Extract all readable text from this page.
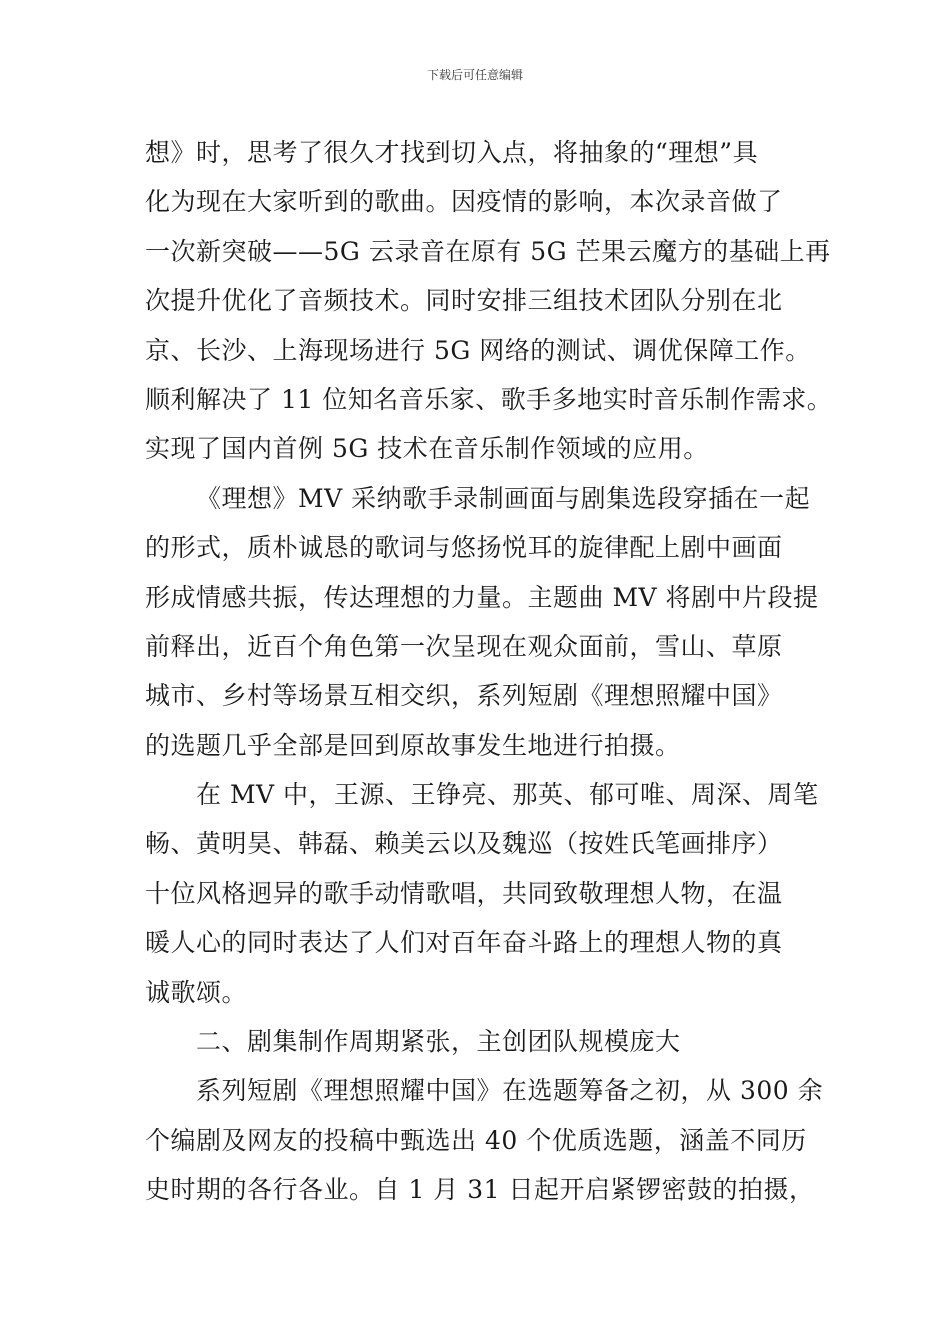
下载后可任意编辑
想》时，思考了很久才找到切入点，将抽象的“理想”具
化为现在大家听到的歌曲。因疫情的影响，本次录音做了
一次新突破——5G 云录音在原有 5G 芒果云魔方的基础上再
次提升优化了音频技术。同时安排三组技术团队分别在北
京、长沙、上海现场进行 5G 网络的测试、调优保障工作。
顺利解决了 11 位知名音乐家、歌手多地实时音乐制作需求。
实现了国内首例 5G 技术在音乐制作领域的应用。
《理想》MV 采纳歌手录制画面与剧集选段穿插在一起
的形式，质朴诚恳的歌词与悠扬悦耳的旋律配上剧中画面
形成情感共振，传达理想的力量。主题曲 MV 将剧中片段提
前释出，近百个角色第一次呈现在观众面前，雪山、草原
城市、乡村等场景互相交织，系列短剧《理想照耀中国》
的选题几乎全部是回到原故事发生地进行拍摄。
在 MV 中，王源、王铮亮、那英、郁可唯、周深、周笔
畅、黄明昊、韩磊、赖美云以及魏巡（按姓氏笔画排序）
十位风格迥异的歌手动情歌唱，共同致敬理想人物，在温
暖人心的同时表达了人们对百年奋斗路上的理想人物的真
诚歌颂。
二、剧集制作周期紧张，主创团队规模庞大
系列短剧《理想照耀中国》在选题筹备之初，从 300 余
个编剧及网友的投稿中甄选出 40 个优质选题，涵盖不同历
史时期的各行各业。自 1 月 31 日起开启紧锣密鼓的拍摄，
